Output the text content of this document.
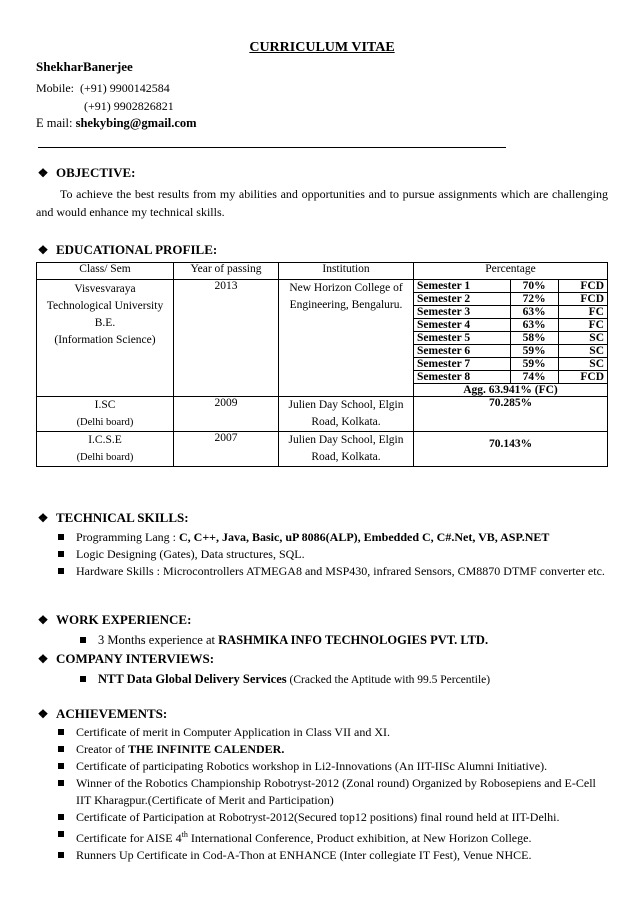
CURRICULUM VITAE
ShekharBanerjee
Mobile: (+91) 9900142584
(+91) 9902826821
E mail: shekybing@gmail.com
❖ OBJECTIVE:
To achieve the best results from my abilities and opportunities and to pursue assignments which are challenging and would enhance my technical skills.
❖ EDUCATIONAL PROFILE:
Class/ Sem	Year of passing	Institution	Percentage		

Visvesvaraya
Technological University
B.E.
(Information Science)	2013	New Horizon College of Engineering, Bengaluru.	Semester 1	70%	FCD
			Semester 2	72%	FCD
			Semester 3	63%	FC
			Semester 4	63%	FC
			Semester 5	58%	SC
			Semester 6	59%	SC
			Semester 7	59%	SC
			Semester 8	74%	FCD
			Agg. 63.941% (FC)		

I.SC
(Delhi board)	2009	Julien Day School, Elgin Road, Kolkata.	70.285%		

I.C.S.E
(Delhi board)	2007	Julien Day School, Elgin Road, Kolkata.	70.143%		
❖ TECHNICAL SKILLS:
Programming Lang : C, C++, Java, Basic, uP 8086(ALP), Embedded C, C#.Net, VB, ASP.NET
Logic Designing (Gates), Data structures, SQL.
Hardware Skills : Microcontrollers ATMEGA8 and MSP430, infrared Sensors, CM8870 DTMF converter etc.
❖ WORK EXPERIENCE:
3 Months experience at RASHMIKA INFO TECHNOLOGIES PVT. LTD.
❖ COMPANY INTERVIEWS:
NTT Data Global Delivery Services (Cracked the Aptitude with 99.5 Percentile)
❖ ACHIEVEMENTS:
Certificate of merit in Computer Application in Class VII and XI.
Creator of THE INFINITE CALENDER.
Certificate of participating Robotics workshop in Li2-Innovations (An IIT-IISc Alumni Initiative).
Winner of the Robotics Championship Robotryst-2012 (Zonal round) Organized by Robosepiens and E-Cell IIT Kharagpur.(Certificate of Merit and Participation)
Certificate of Participation at Robotryst-2012(Secured top12 positions) final round held at IIT-Delhi.
Certificate for AISE 4th International Conference, Product exhibition, at New Horizon College.
Runners Up Certificate in Cod-A-Thon at ENHANCE (Inter collegiate IT Fest), Venue NHCE.
